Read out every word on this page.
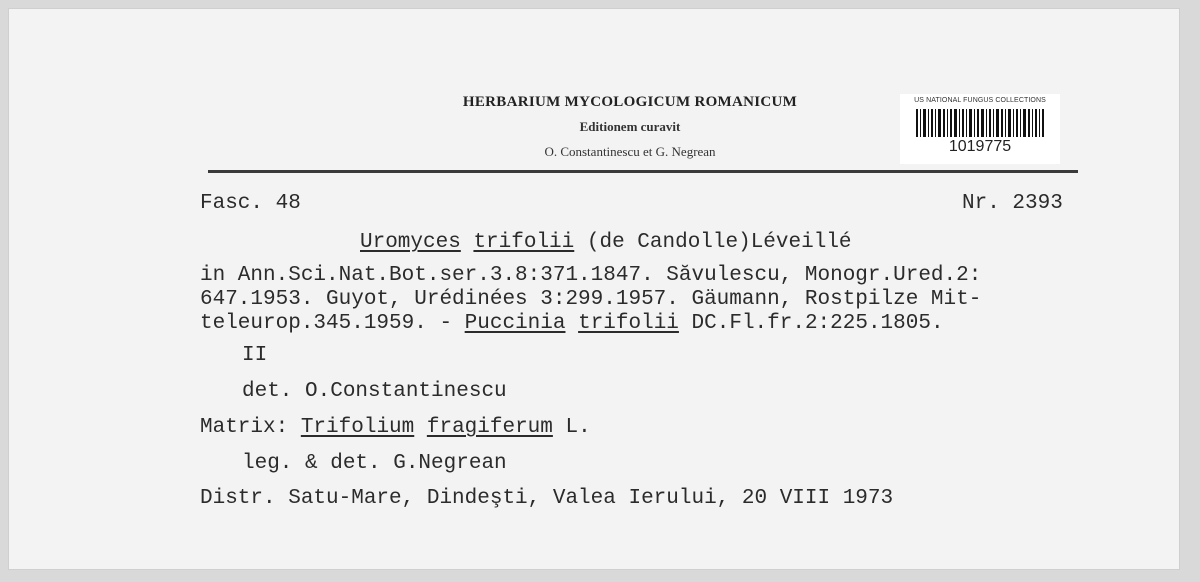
HERBARIUM MYCOLOGICUM ROMANICUM
Editionem curavit
O. Constantinescu et G. Negrean
US NATIONAL FUNGUS COLLECTIONS
1019775
Fasc. 48	Nr. 2393
Uromyces trifolii (de Candolle)Léveillé
in Ann.Sci.Nat.Bot.ser.3.8:371.1847. Săvulescu, Monogr.Ured.2:
647.1953. Guyot, Urédinées 3:299.1957. Gäumann, Rostpilze Mit-
teleurop.345.1959. - Puccinia trifolii DC.Fl.fr.2:225.1805.
II
det. O.Constantinescu
Matrix: Trifolium fragiferum L.
leg. & det. G.Negrean
Distr. Satu-Mare, Dindeşti, Valea Ierului, 20 VIII 1973
